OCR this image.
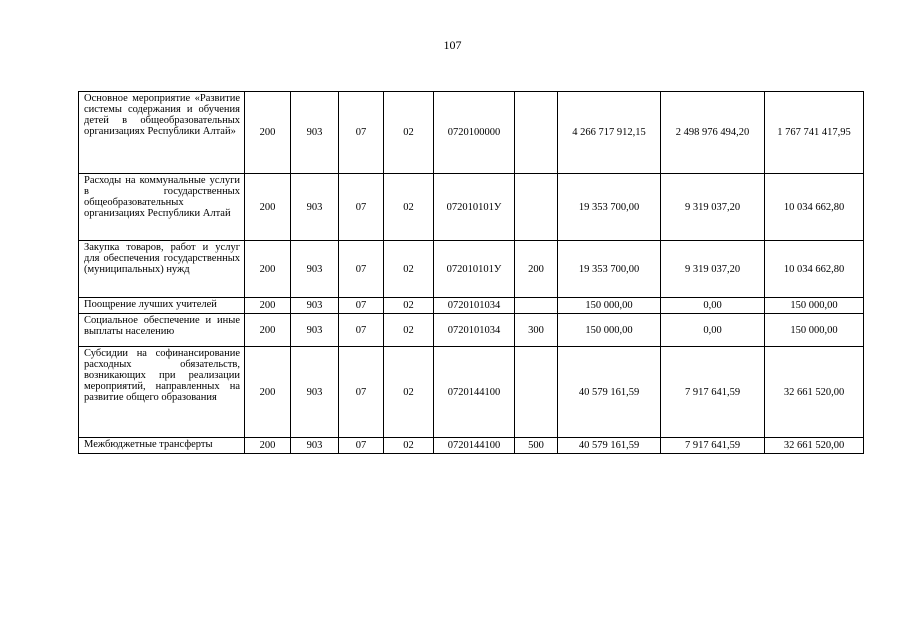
107
Основное мероприятие «Развитие системы содержания и обучения детей в общеобразовательных организациях Республики Алтай»	200	903	07	02	0720100000		4 266 717 912,15	2 498 976 494,20	1 767 741 417,95
Расходы на коммунальные услуги в государственных общеобразовательных организациях Республики Алтай	200	903	07	02	072010101У		19 353 700,00	9 319 037,20	10 034 662,80
Закупка товаров, работ и услуг для обеспечения государственных (муниципальных) нужд	200	903	07	02	072010101У	200	19 353 700,00	9 319 037,20	10 034 662,80
Поощрение лучших учителей	200	903	07	02	0720101034		150 000,00	0,00	150 000,00
Социальное обеспечение и иные выплаты населению	200	903	07	02	0720101034	300	150 000,00	0,00	150 000,00
Субсидии на софинансирование расходных обязательств, возникающих при реализации мероприятий, направленных на развитие общего образования	200	903	07	02	0720144100		40 579 161,59	7 917 641,59	32 661 520,00
Межбюджетные трансферты	200	903	07	02	0720144100	500	40 579 161,59	7 917 641,59	32 661 520,00
